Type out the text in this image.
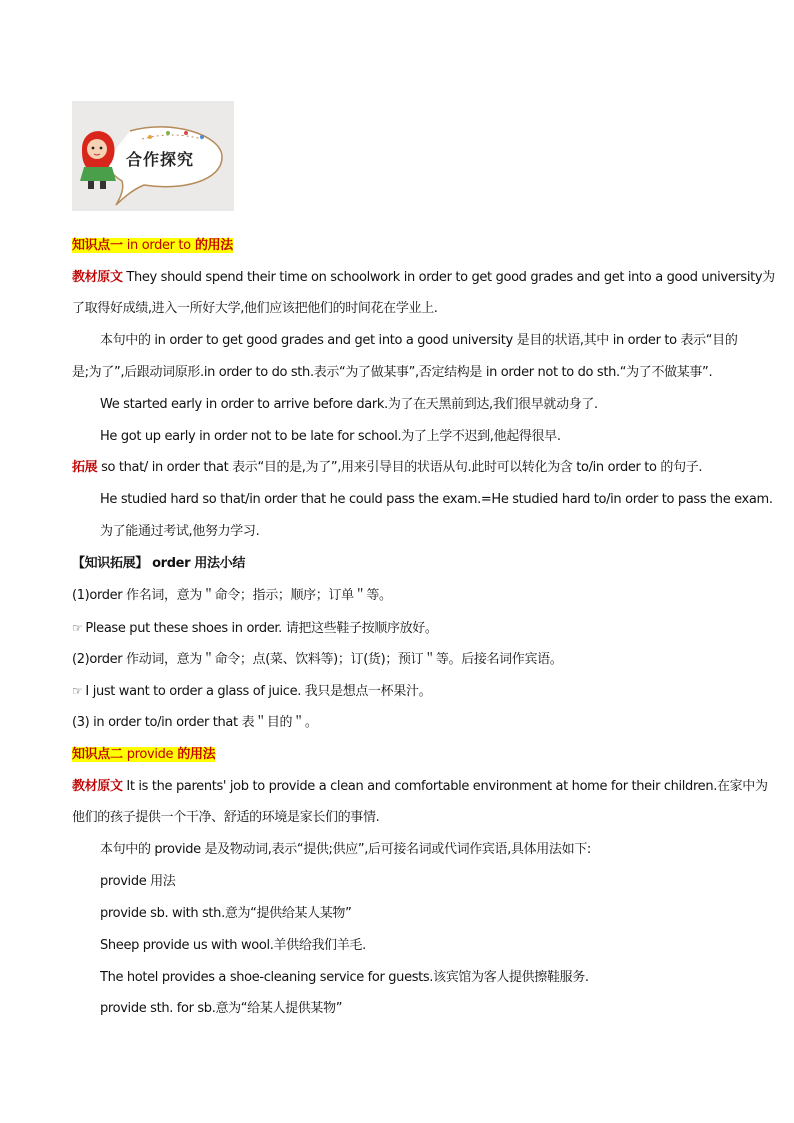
合作探究
知识点一 in order to 的用法
教材原文 They should spend their time on schoolwork in order to get good grades and get into a good university为
了取得好成绩,进入一所好大学,他们应该把他们的时间花在学业上.
本句中的 in order to get good grades and get into a good university 是目的状语,其中 in order to 表示“目的
是;为了”,后跟动词原形.in order to do sth.表示“为了做某事”,否定结构是 in order not to do sth.“为了不做某事”.
We started early in order to arrive before dark.为了在天黑前到达,我们很早就动身了.
He got up early in order not to be late for school.为了上学不迟到,他起得很早.
拓展 so that/ in order that 表示“目的是,为了”,用来引导目的状语从句.此时可以转化为含 to/in order to 的句子.
He studied hard so that/in order that he could pass the exam.=He studied hard to/in order to pass the exam.
为了能通过考试,他努力学习.
【知识拓展】 order 用法小结
(1)order 作名词，意为＂命令；指示；顺序；订单＂等。
☞ Please put these shoes in order. 请把这些鞋子按顺序放好。
(2)order 作动词，意为＂命令；点(菜、饮料等)；订(货)；预订＂等。后接名词作宾语。
☞ I just want to order a glass of juice. 我只是想点一杯果汁。
(3) in order to/in order that 表＂目的＂。
知识点二 provide 的用法
教材原文 It is the parents' job to provide a clean and comfortable environment at home for their children.在家中为
他们的孩子提供一个干净、舒适的环境是家长们的事情.
本句中的 provide 是及物动词,表示“提供;供应”,后可接名词或代词作宾语,具体用法如下:
provide 用法
provide sb. with sth.意为“提供给某人某物”
Sheep provide us with wool.羊供给我们羊毛.
The hotel provides a shoe-cleaning service for guests.该宾馆为客人提供擦鞋服务.
provide sth. for sb.意为“给某人提供某物”
